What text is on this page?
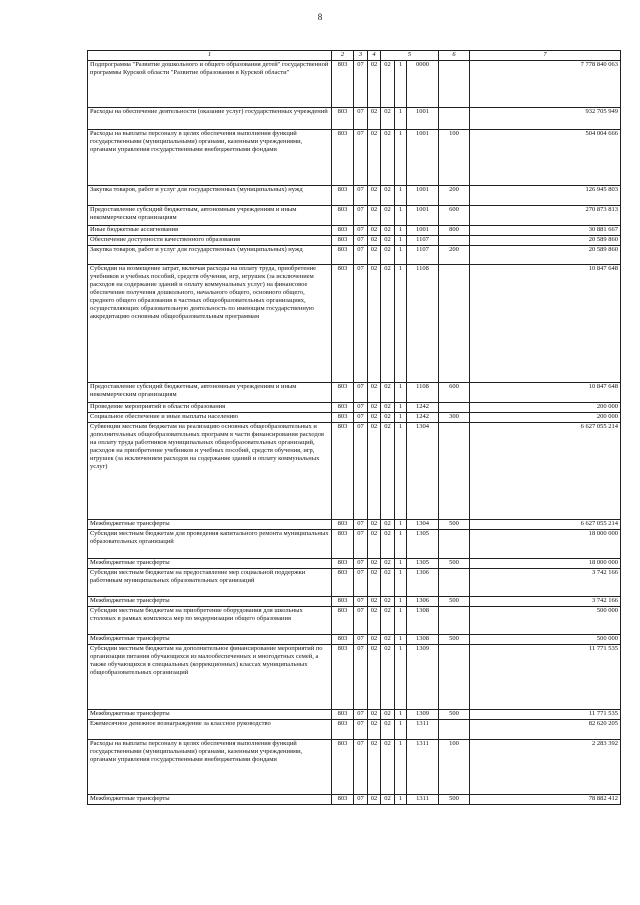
8
1	2	3	4	5			6	7
Подпрограмма "Развитие дошкольного и общего образования детей" государственной программы Курской области "Развитие образования в Курской области"	803	07	02	02	1	0000		7 778 840 063
Расходы на обеспечение деятельности (оказание услуг) государственных учреждений	803	07	02	02	1	1001		932 705 949
Расходы на выплаты персоналу в целях обеспечения выполнения функций государственными (муниципальными) органами, казенными учреждениями, органами управления государственными внебюджетными фондами	803	07	02	02	1	1001	100	504 004 666
Закупка товаров, работ и услуг для государственных (муниципальных) нужд	803	07	02	02	1	1001	200	126 945 803
Предоставление субсидий бюджетным, автономным учреждениям и иным некоммерческим организациям	803	07	02	02	1	1001	600	270 873 813
Иные бюджетные ассигнования	803	07	02	02	1	1001	800	30 881 667
Обеспечение доступности качественного образования	803	07	02	02	1	1107		20 589 860
Закупка товаров, работ и услуг для государственных (муниципальных) нужд	803	07	02	02	1	1107	200	20 589 860
Субсидии на возмещение затрат, включая расходы на оплату труда, приобретение учебников и учебных пособий, средств обучения, игр, игрушек (за исключением расходов на содержание зданий и оплату коммунальных услуг) на финансовое обеспечение получения дошкольного, начального общего, основного общего, среднего общего образования в частных общеобразовательных организациях, осуществляющих образовательную деятельность по имеющим государственную аккредитацию основным общеобразовательным программам	803	07	02	02	1	1108		10 847 648
Предоставление субсидий бюджетным, автономным учреждениям и иным некоммерческим организациям	803	07	02	02	1	1108	600	10 847 648
Проведение мероприятий в области образования	803	07	02	02	1	1242		200 000
Социальное обеспечение и иные выплаты населению	803	07	02	02	1	1242	300	200 000
Субвенции местным бюджетам на реализацию основных общеобразовательных и дополнительных общеобразовательных программ в части финансирования расходов на оплату труда работников муниципальных общеобразовательных организаций, расходов на приобретение учебников и учебных пособий, средств обучения, игр, игрушек (за исключением расходов на содержание зданий и оплату коммунальных услуг)	803	07	02	02	1	1304		6 627 055 214
Межбюджетные трансферты	803	07	02	02	1	1304	500	6 627 055 214
Субсидии местным бюджетам для проведения капитального ремонта муниципальных образовательных организаций	803	07	02	02	1	1305		18 000 000
Межбюджетные трансферты	803	07	02	02	1	1305	500	18 000 000
Субсидии местным бюджетам на предоставление мер социальной поддержки работникам муниципальных образовательных организаций	803	07	02	02	1	1306		3 742 166
Межбюджетные трансферты	803	07	02	02	1	1306	500	3 742 166
Субсидии местным бюджетам на приобретение оборудования для школьных столовых в рамках комплекса мер по модернизации общего образования	803	07	02	02	1	1308		500 000
Межбюджетные трансферты	803	07	02	02	1	1308	500	500 000
Субсидии местным бюджетам на дополнительное финансирование мероприятий по организации питания обучающихся из малообеспеченных и многодетных семей, а также обучающихся в специальных (коррекционных) классах муниципальных общеобразовательных организаций	803	07	02	02	1	1309		11 771 535
Межбюджетные трансферты	803	07	02	02	1	1309	500	11 771 535
Ежемесячное денежное вознаграждение за классное руководство	803	07	02	02	1	1311		82 620 205
Расходы на выплаты персоналу в целях обеспечения выполнения функций государственными (муниципальными) органами, казенными учреждениями, органами управления государственными внебюджетными фондами	803	07	02	02	1	1311	100	2 283 392
Межбюджетные трансферты	803	07	02	02	1	1311	500	78 882 412
